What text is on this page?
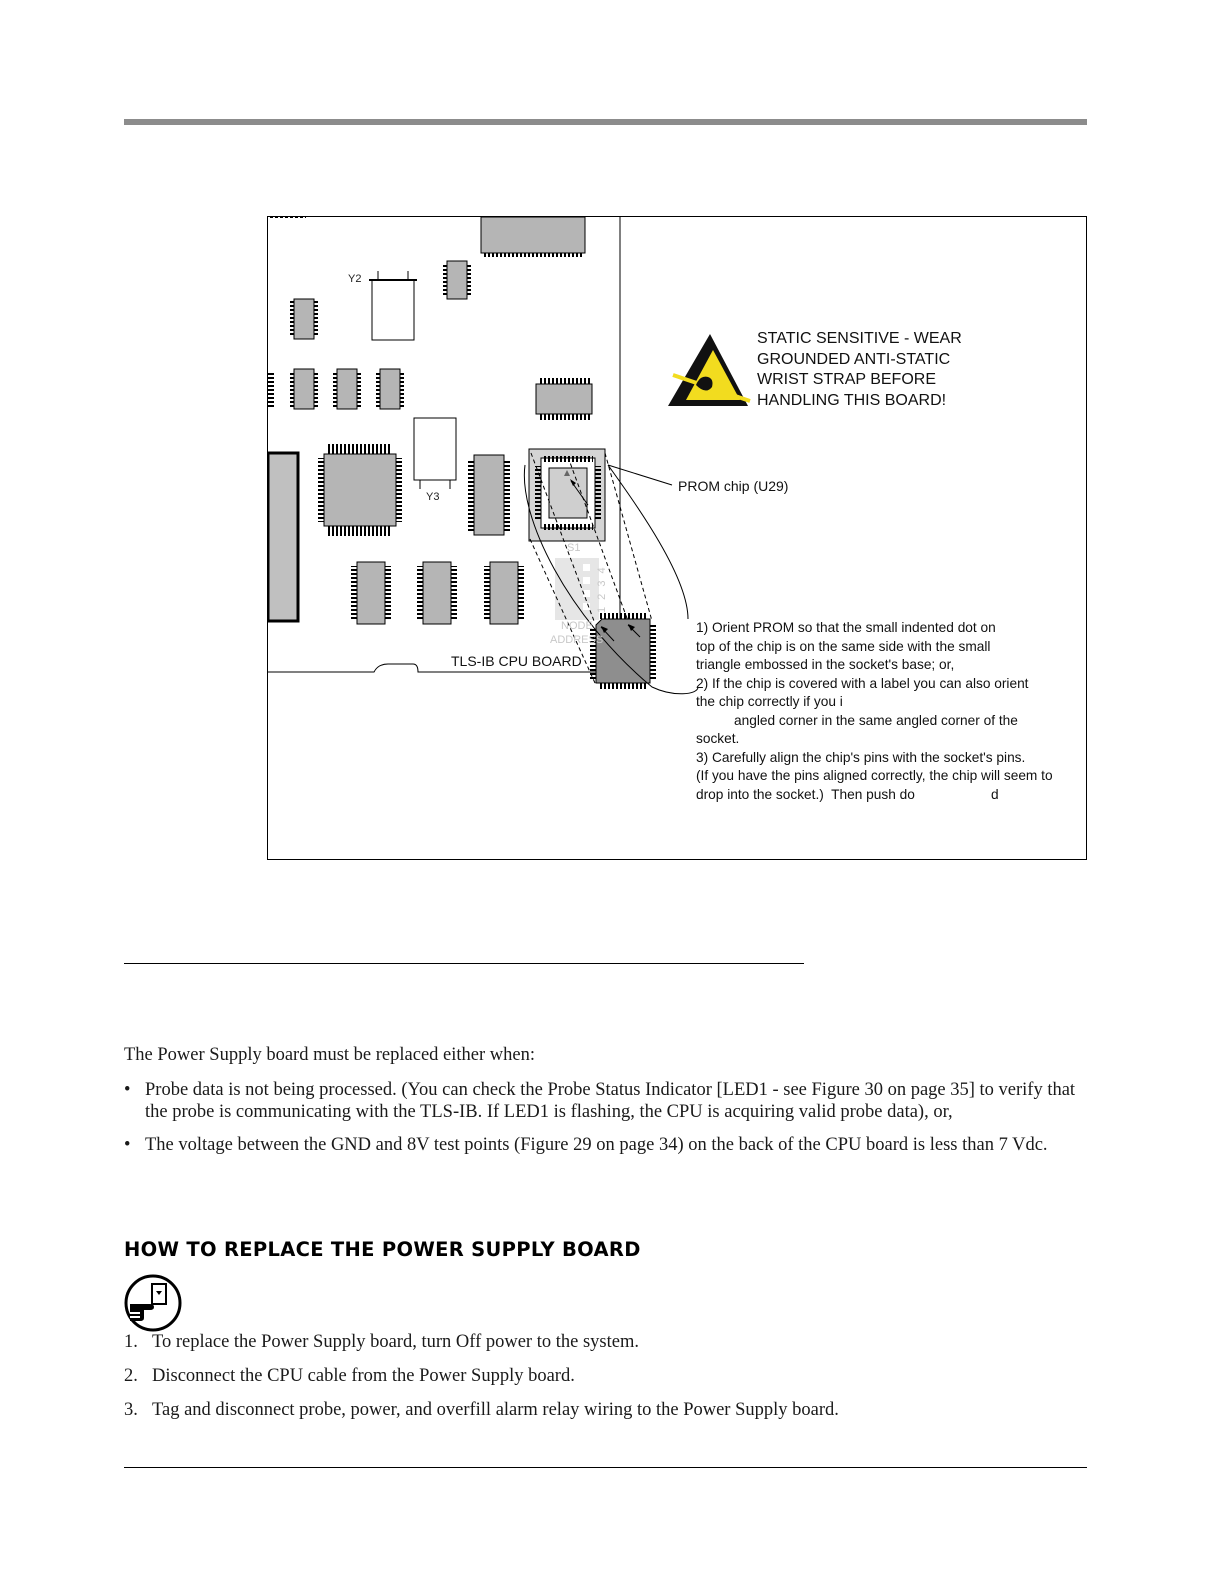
STATIC SENSITIVE - WEAR
GROUNDED ANTI-STATIC
WRIST STRAP BEFORE
HANDLING THIS BOARD!
PROM chip (U29)
TLS-IB CPU BOARD
Y2
Y3
S1
1 2 3 4
NODE
ADDRESS
1) Orient PROM so that the small indented dot on
top of the chip is on the same side with the small
triangle embossed in the socket's base; or,
2) If the chip is covered with a label you can also orient
the chip correctly if you i
angled corner in the same angled corner of the
socket.
3) Carefully align the chip's pins with the socket's pins.
(If you have the pins aligned correctly, the chip will seem to
drop into the socket.)  Then push do                    d
The Power Supply board must be replaced either when:
• Probe data is not being processed. (You can check the Probe Status Indicator [LED1 - see Figure 30 on page 35] to verify that the probe is communicating with the TLS-IB. If LED1 is flashing, the CPU is acquiring valid probe data), or,
• The voltage between the GND and 8V test points (Figure 29 on page 34) on the back of the CPU board is less than 7 Vdc.
HOW TO REPLACE THE POWER SUPPLY BOARD
1. To replace the Power Supply board, turn Off power to the system.
2. Disconnect the CPU cable from the Power Supply board.
3. Tag and disconnect probe, power, and overfill alarm relay wiring to the Power Supply board.
